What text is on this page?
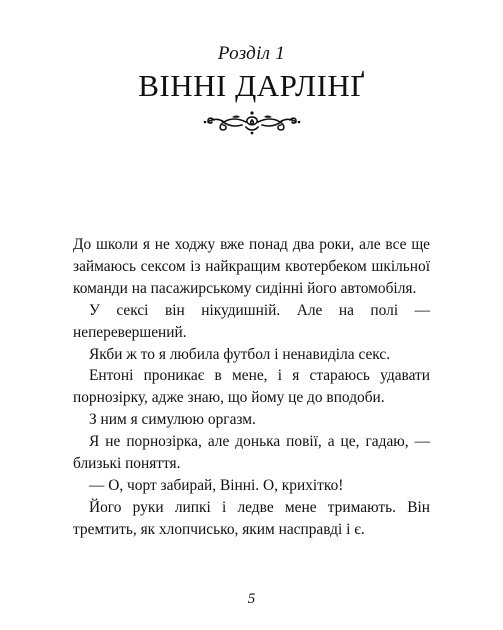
Розділ 1
ВІННІ ДАРЛІНҐ

До школи я не ходжу вже понад два роки, але все ще займаюсь сексом із найкращим квотербеком шкільної команди на пасажирському сидінні його автомобіля.

У сексі він нікудишній. Але на полі — неперевершений.

Якби ж то я любила футбол і ненавиділа секс.

Ентоні проникає в мене, і я стараюсь удавати порнозірку, адже знаю, що йому це до вподоби.

З ним я симулюю оргазм.

Я не порнозірка, але донька повії, а це, гадаю, — близькі поняття.

— О, чорт забирай, Вінні. О, крихітко!

Його руки липкі і ледве мене тримають. Він тремтить, як хлопчисько, яким насправді і є.

5
